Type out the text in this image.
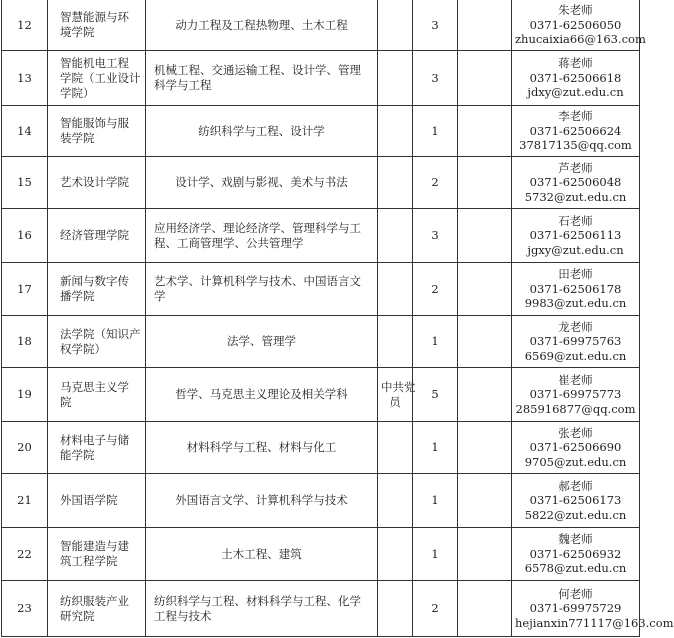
12	智慧能源与环
境学院	动力工程及工程热物理、土木工程		3		朱老师
0371-62506050
zhucaixia66@163.com

13	智能机电工程
学院（工业设计
学院）	机械工程、交通运输工程、设计学、管理
科学与工程		3		蒋老师
0371-62506618
jdxy@zut.edu.cn

14	智能服饰与服
装学院	纺织科学与工程、设计学		1		李老师
0371-62506624
37817135@qq.com

15	艺术设计学院	设计学、戏剧与影视、美术与书法		2		芦老师
0371-62506048
5732@zut.edu.cn

16	经济管理学院	应用经济学、理论经济学、管理科学与工
程、工商管理学、公共管理学		3		石老师
0371-62506113
jgxy@zut.edu.cn

17	新闻与数字传
播学院	艺术学、计算机科学与技术、中国语言文
学		2		田老师
0371-62506178
9983@zut.edu.cn

18	法学院（知识产
权学院）	法学、管理学		1		龙老师
0371-69975763
6569@zut.edu.cn

19	马克思主义学
院	哲学、马克思主义理论及相关学科	中共党
员	5		崔老师
0371-69975773
285916877@qq.com

20	材料电子与储
能学院	材料科学与工程、材料与化工		1		张老师
0371-62506690
9705@zut.edu.cn

21	外国语学院	外国语言文学、计算机科学与技术		1		郝老师
0371-62506173
5822@zut.edu.cn

22	智能建造与建
筑工程学院	土木工程、建筑		1		魏老师
0371-62506932
6578@zut.edu.cn

23	纺织服装产业
研究院	纺织科学与工程、材料科学与工程、化学
工程与技术		2		何老师
0371-69975729
hejianxin771117@163.com
